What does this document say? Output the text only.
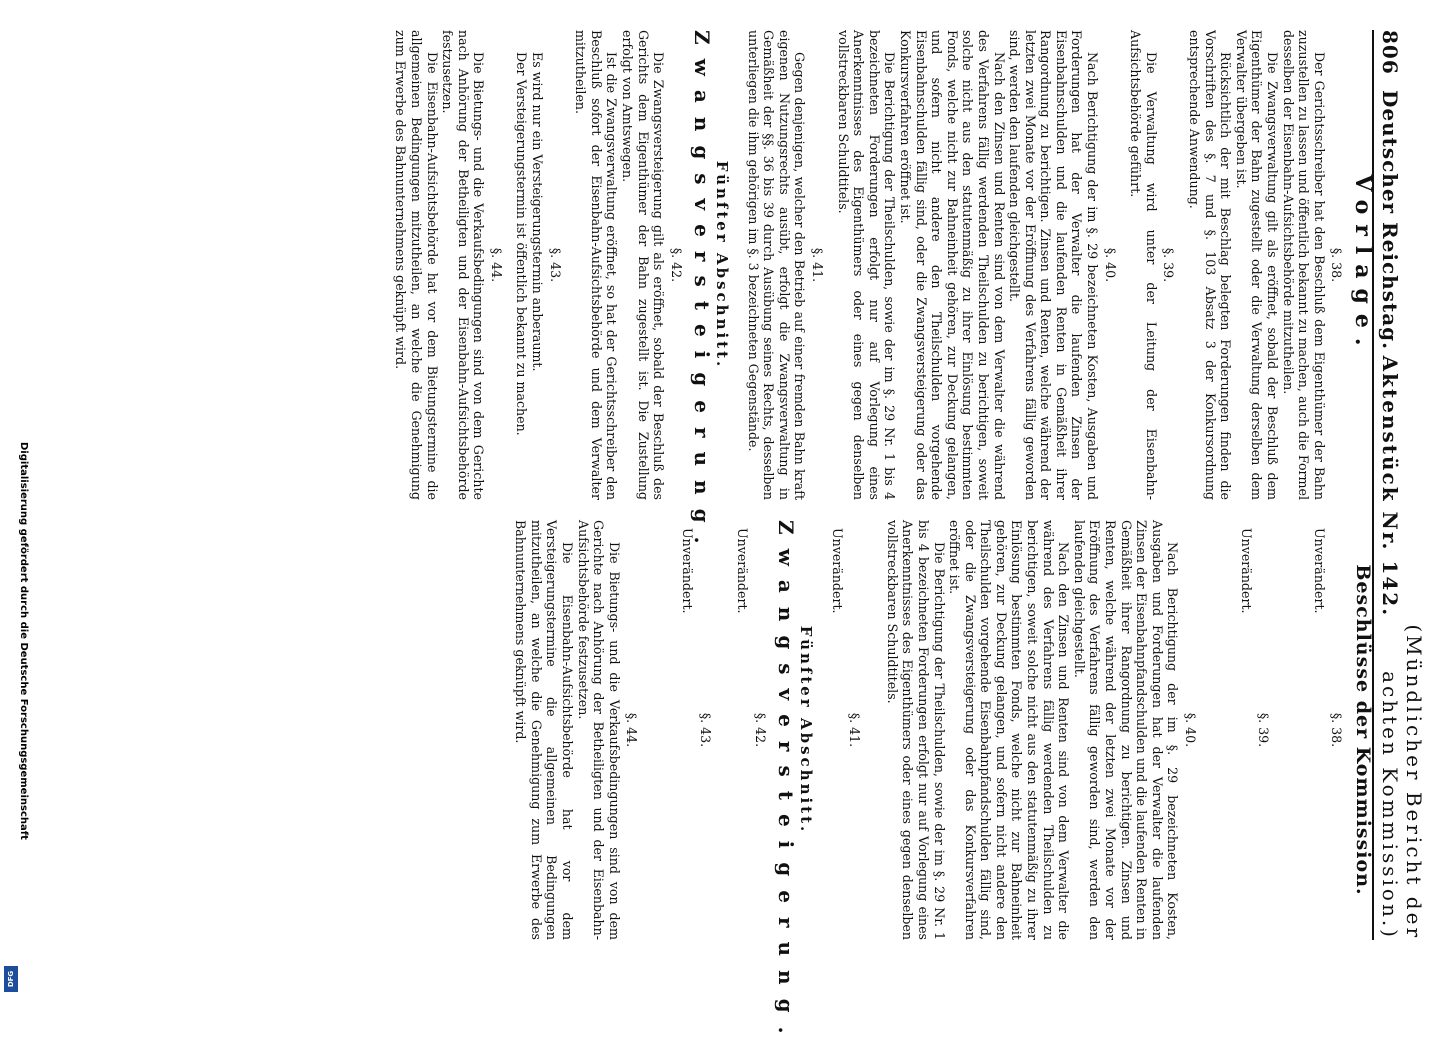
806
Deutscher Reichstag.
Aktenstück Nr. 142.
(Mündlicher Bericht der achten Kommission.)
Vorlage.
§. 38.

Der Gerichtsschreiber hat den Beschluß dem Eigenthümer der Bahn zuzustellen zu lassen und öffentlich bekannt zu machen, auch die Formel desselben der Eisenbahn-Aufsichtsbehörde mitzutheilen.

Die Zwangsverwaltung gilt als eröffnet, sobald der Beschluß dem Eigenthümer der Bahn zugestellt oder die Verwaltung derselben dem Verwalter übergeben ist.

Rücksichtlich der mit Beschlag belegten Forderungen finden die Vorschriften des §. 7 und §. 103 Absatz 3 der Konkursordnung entsprechende Anwendung.

§. 39.

Die Verwaltung wird unter der Leitung der Eisenbahn-Aufsichtsbehörde geführt.

§. 40.

Nach Berichtigung der im §. 29 bezeichneten Kosten, Ausgaben und Forderungen hat der Verwalter die laufenden Zinsen der Eisenbahnschulden und die laufenden Renten in Gemäßheit ihrer Rangordnung zu berichtigen. Zinsen und Renten, welche während der letzten zwei Monate vor der Eröffnung des Verfahrens fällig geworden sind, werden den laufenden gleichgestellt.

Nach den Zinsen und Renten sind von dem Verwalter die während des Verfahrens fällig werdenden Theilschulden zu berichtigen, soweit solche nicht aus den statutenmäßig zu ihrer Einlösung bestimmten Fonds, welche nicht zur Bahneinheit gehören, zur Deckung gelangen, und sofern nicht andere den Theilschulden vorgehende Eisenbahnschulden fällig sind, oder die Zwangsversteigerung oder das Konkursverfahren eröffnet ist.

Die Berichtigung der Theilschulden, sowie der im §. 29 Nr. 1 bis 4 bezeichneten Forderungen erfolgt nur auf Vorlegung eines Anerkenntnisses des Eigenthümers oder eines gegen denselben vollstreckbaren Schuldtitels.

§. 41.

Gegen denjenigen, welcher den Betrieb auf einer fremden Bahn kraft eigenen Nutzungsrechts ausübt, erfolgt die Zwangsverwaltung in Gemäßheit der §§. 36 bis 39 durch Ausübung seines Rechts, desselben unterliegen die ihm gehörigen im §. 3 bezeichneten Gegenstände.

Fünfter Abschnitt.
Zwangsversteigerung.
§. 42.

Die Zwangsversteigerung gilt als eröffnet, sobald der Beschluß des Gerichts dem Eigenthümer der Bahn zugestellt ist. Die Zustellung erfolgt von Amtswegen.

Ist die Zwangsverwaltung eröffnet, so hat der Gerichtsschreiber den Beschluß sofort der Eisenbahn-Aufsichtsbehörde und dem Verwalter mitzutheilen.

§. 43.

Es wird nur ein Versteigerungstermin anberaumt.

Der Versteigerungstermin ist öffentlich bekannt zu machen.

§. 44.

Die Bietungs- und die Verkaufsbedingungen sind von dem Gerichte nach Anhörung der Betheiligten und der Eisenbahn-Aufsichtsbehörde festzusetzen.

Die Eisenbahn-Aufsichtsbehörde hat vor dem Bietungstermine die allgemeinen Bedingungen mitzutheilen, an welche die Genehmigung zum Erwerbe des Bahnunternehmens geknüpft wird.

Beschlüsse der Kommission.
§. 38.

Unverändert.

§. 39.

Unverändert.

§. 40.

Nach Berichtigung der im §. 29 bezeichneten Kosten, Ausgaben und Forderungen hat der Verwalter die laufenden Zinsen der Eisenbahnpfandschulden und die laufenden Renten in Gemäßheit ihrer Rangordnung zu berichtigen. Zinsen und Renten, welche während der letzten zwei Monate vor der Eröffnung des Verfahrens fällig geworden sind, werden den laufenden gleichgestellt.

Nach den Zinsen und Renten sind von dem Verwalter die während des Verfahrens fällig werdenden Theilschulden zu berichtigen, soweit solche nicht aus den statutenmäßig zu ihrer Einlösung bestimmten Fonds, welche nicht zur Bahneinheit gehören, zur Deckung gelangen, und sofern nicht andere den Theilschulden vorgehende Eisenbahnpfandschulden fällig sind, oder die Zwangsversteigerung oder das Konkursverfahren eröffnet ist.

Die Berichtigung der Theilschulden, sowie der im §. 29 Nr. 1 bis 4 bezeichneten Forderungen erfolgt nur auf Vorlegung eines Anerkenntnisses des Eigenthümers oder eines gegen denselben vollstreckbaren Schuldtitels.

§. 41.

Unverändert.

Fünfter Abschnitt.
Zwangsversteigerung.
§. 42.

Unverändert.

§. 43.

Unverändert.

§. 44.

Die Bietungs- und die Verkaufsbedingungen sind von dem Gerichte nach Anhörung der Betheiligten und der Eisenbahn-Aufsichtsbehörde festzusetzen.

Die Eisenbahn-Aufsichtsbehörde hat vor dem Versteigerungstermine die allgemeinen Bedingungen mitzutheilen, an welche die Genehmigung zum Erwerbe des Bahnunternehmens geknüpft wird.

Digitalisierung gefördert durch die Deutsche Forschungsgemeinschaft
DFG
